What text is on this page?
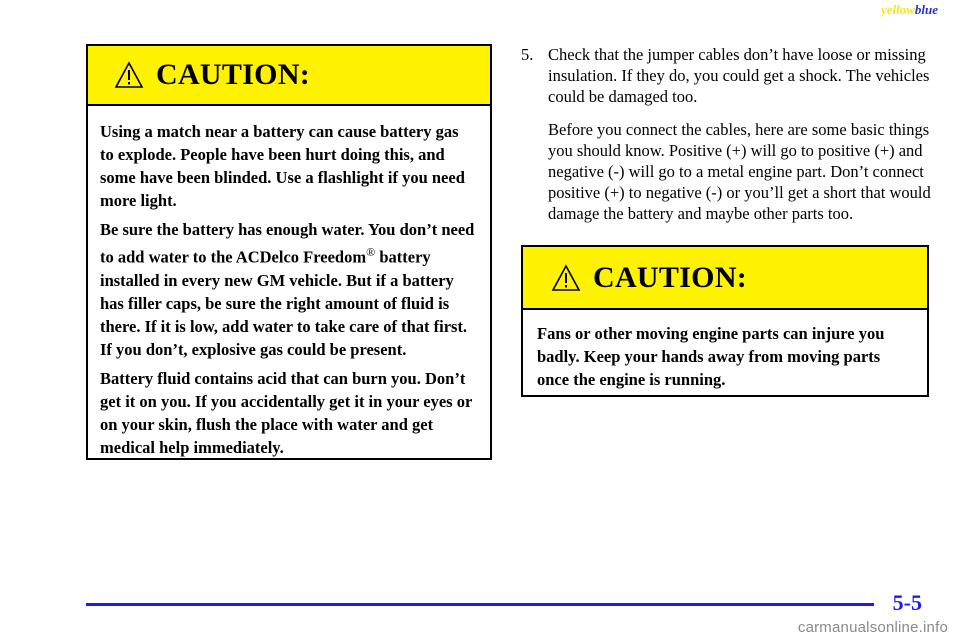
yellowblue
CAUTION:

Using a match near a battery can cause battery gas to explode. People have been hurt doing this, and some have been blinded. Use a flashlight if you need more light.

Be sure the battery has enough water. You don’t need to add water to the ACDelco Freedom® battery installed in every new GM vehicle. But if a battery has filler caps, be sure the right amount of fluid is there. If it is low, add water to take care of that first. If you don’t, explosive gas could be present.

Battery fluid contains acid that can burn you. Don’t get it on you. If you accidentally get it in your eyes or on your skin, flush the place with water and get medical help immediately.

5. Check that the jumper cables don’t have loose or missing insulation. If they do, you could get a shock. The vehicles could be damaged too.
Before you connect the cables, here are some basic things you should know. Positive (+) will go to positive (+) and negative (-) will go to a metal engine part. Don’t connect positive (+) to negative (-) or you’ll get a short that would damage the battery and maybe other parts too.
CAUTION:

Fans or other moving engine parts can injure you badly. Keep your hands away from moving parts once the engine is running.

5-5
carmanualsonline.info
